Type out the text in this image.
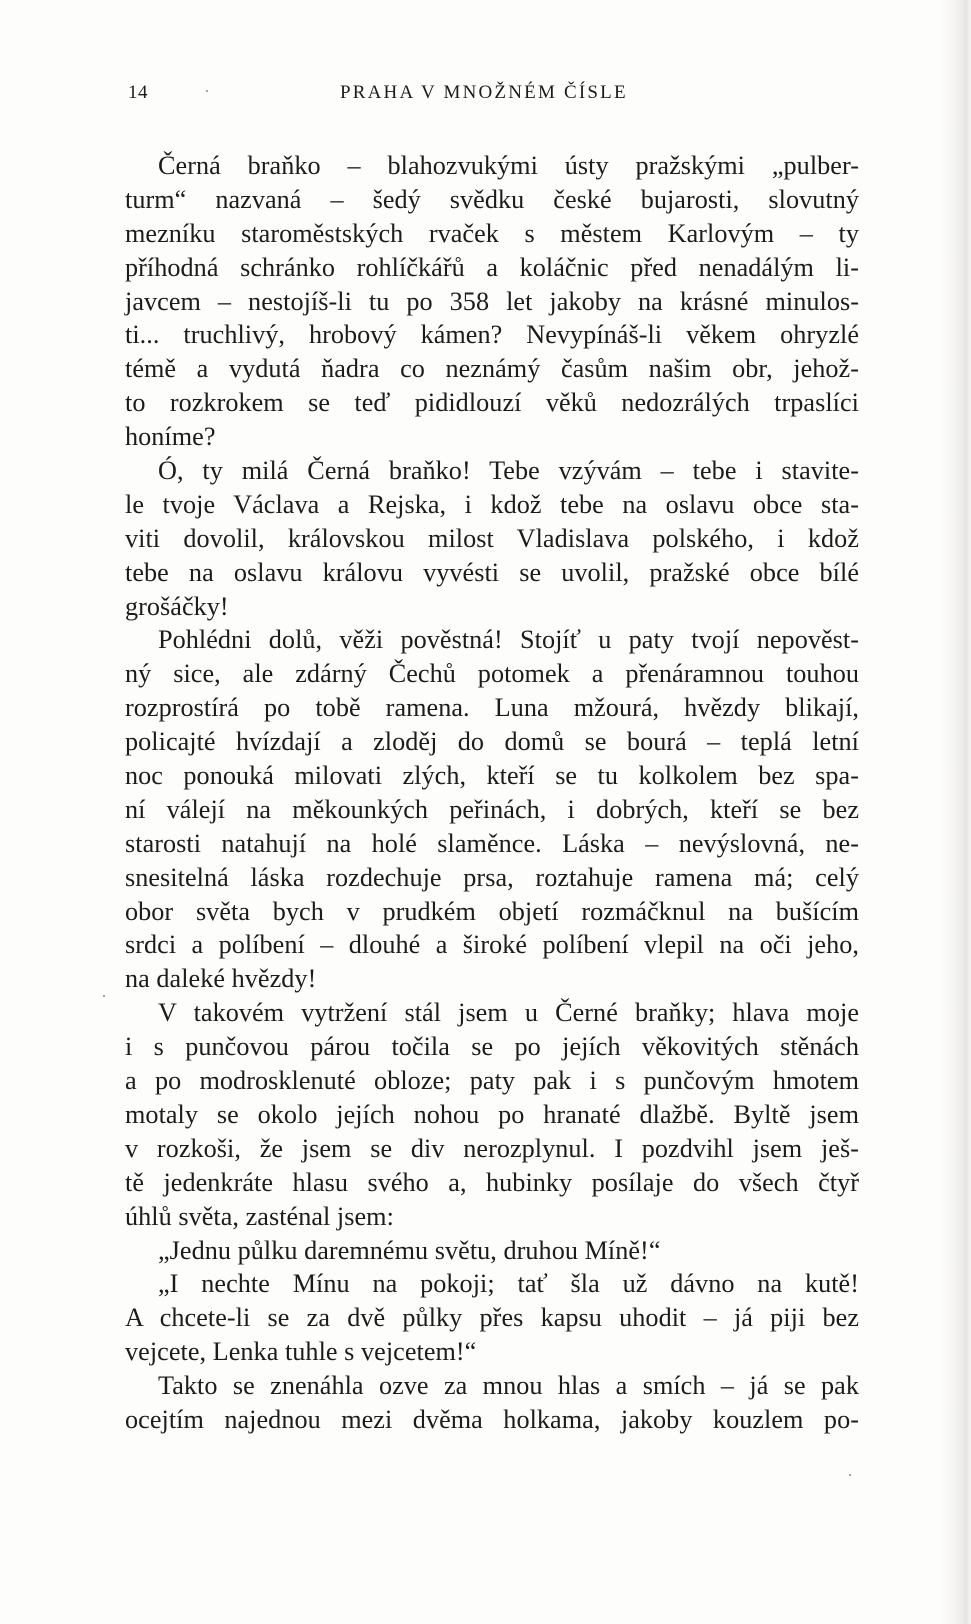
14	PRAHA V MNOŽNÉM ČÍSLE
Černá braňko – blahozvukými ústy pražskými „pulber-
turm“ nazvaná – šedý svědku české bujarosti, slovutný
mezníku staroměstských rvaček s městem Karlovým – ty
příhodná schránko rohlíčkářů a koláčnic před nenadálým li-
javcem – nestojíš-li tu po 358 let jakoby na krásné minulos-
ti... truchlivý, hrobový kámen? Nevypínáš-li věkem ohryzlé
témě a vydutá ňadra co neznámý časům našim obr, jehož-
to rozkrokem se teď pididlouzí věků nedozrálých trpaslíci
honíme?
Ó, ty milá Černá braňko! Tebe vzývám – tebe i stavite-
le tvoje Václava a Rejska, i kdož tebe na oslavu obce sta-
viti dovolil, královskou milost Vladislava polského, i kdož
tebe na oslavu královu vyvésti se uvolil, pražské obce bílé
grošáčky!
Pohlédni dolů, věži pověstná! Stojíť u paty tvojí nepověst-
ný sice, ale zdárný Čechů potomek a přenáramnou touhou
rozprostírá po tobě ramena. Luna mžourá, hvězdy blikají,
policajté hvízdají a zloděj do domů se bourá – teplá letní
noc ponouká milovati zlých, kteří se tu kolkolem bez spa-
ní válejí na měkounkých peřinách, i dobrých, kteří se bez
starosti natahují na holé slaměnce. Láska – nevýslovná, ne-
snesitelná láska rozdechuje prsa, roztahuje ramena má; celý
obor světa bych v prudkém objetí rozmáčknul na bušícím
srdci a políbení – dlouhé a široké políbení vlepil na oči jeho,
na daleké hvězdy!
V takovém vytržení stál jsem u Černé braňky; hlava moje
i s punčovou párou točila se po jejích věkovitých stěnách
a po modrosklenuté obloze; paty pak i s punčovým hmotem
motaly se okolo jejích nohou po hranaté dlažbě. Byltě jsem
v rozkoši, že jsem se div nerozplynul. I pozdvihl jsem ješ-
tě jedenkráte hlasu svého a, hubinky posílaje do všech čtyř
úhlů světa, zasténal jsem:
„Jednu půlku daremnému světu, druhou Míně!“
„I nechte Mínu na pokoji; tať šla už dávno na kutě!
A chcete-li se za dvě půlky přes kapsu uhodit – já piji bez
vejcete, Lenka tuhle s vejcetem!“
Takto se znenáhla ozve za mnou hlas a smích – já se pak
ocejtím najednou mezi dvěma holkama, jakoby kouzlem po-
